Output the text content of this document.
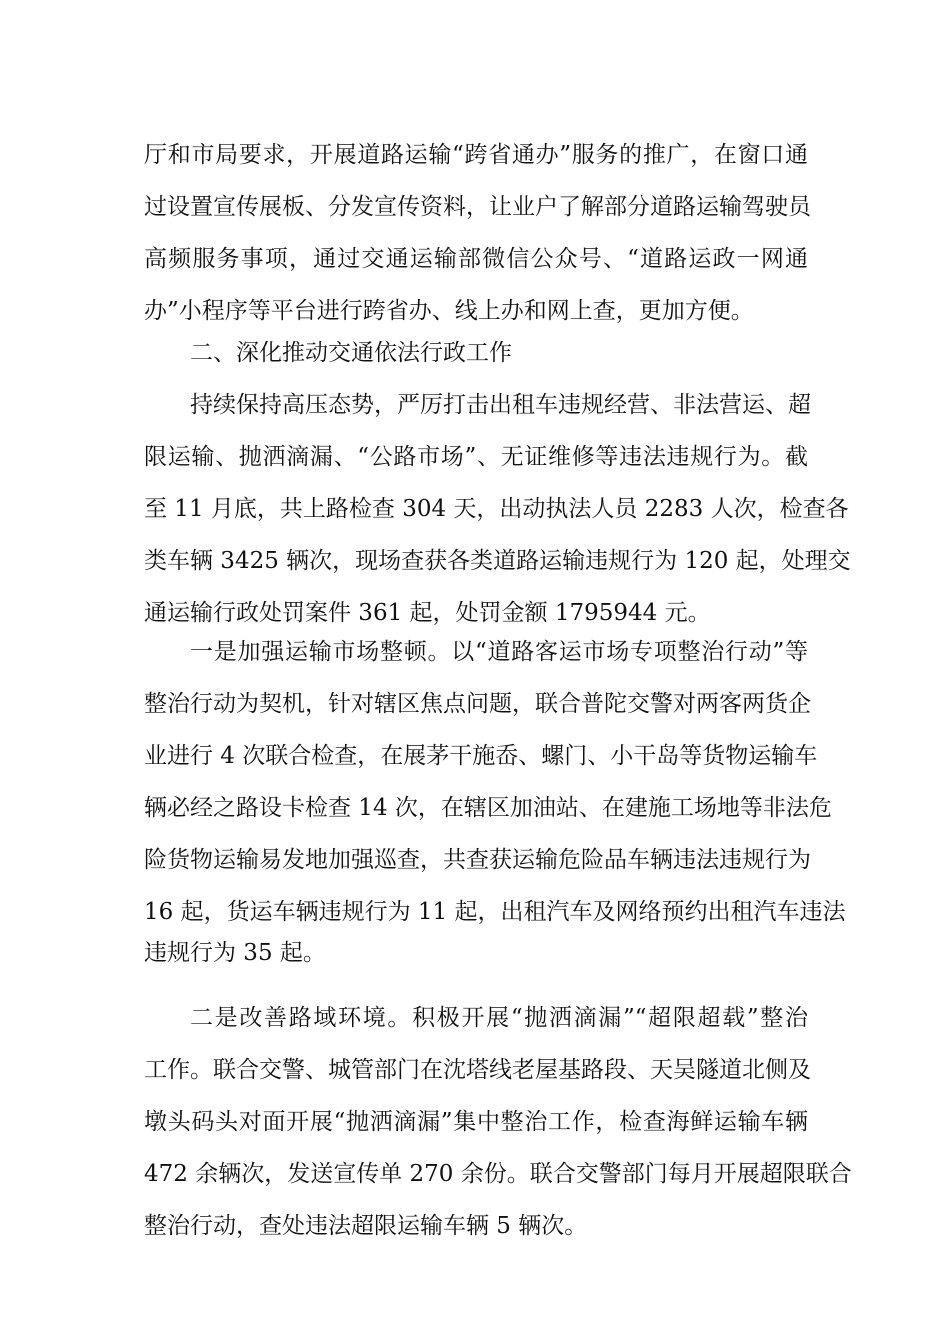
厅和市局要求，开展道路运输“跨省通办”服务的推广，在窗口通
过设置宣传展板、分发宣传资料，让业户了解部分道路运输驾驶员
高频服务事项，通过交通运输部微信公众号、“道路运政一网通
办”小程序等平台进行跨省办、线上办和网上查，更加方便。
二、深化推动交通依法行政工作
持续保持高压态势，严厉打击出租车违规经营、非法营运、超
限运输、抛洒滴漏、“公路市场”、无证维修等违法违规行为。截
至 11 月底，共上路检查 304 天，出动执法人员 2283 人次，检查各
类车辆 3425 辆次，现场查获各类道路运输违规行为 120 起，处理交
通运输行政处罚案件 361 起，处罚金额 1795944 元。
一是加强运输市场整顿。以“道路客运市场专项整治行动”等
整治行动为契机，针对辖区焦点问题，联合普陀交警对两客两货企
业进行 4 次联合检查，在展茅干施岙、螺门、小干岛等货物运输车
辆必经之路设卡检查 14 次，在辖区加油站、在建施工场地等非法危
险货物运输易发地加强巡查，共查获运输危险品车辆违法违规行为
16 起，货运车辆违规行为 11 起，出租汽车及网络预约出租汽车违法
违规行为 35 起。
二是改善路域环境。积极开展“抛洒滴漏”“超限超载”整治
工作。联合交警、城管部门在沈塔线老屋基路段、天吴隧道北侧及
墩头码头对面开展“抛洒滴漏”集中整治工作，检查海鲜运输车辆
472 余辆次，发送宣传单 270 余份。联合交警部门每月开展超限联合
整治行动，查处违法超限运输车辆 5 辆次。
